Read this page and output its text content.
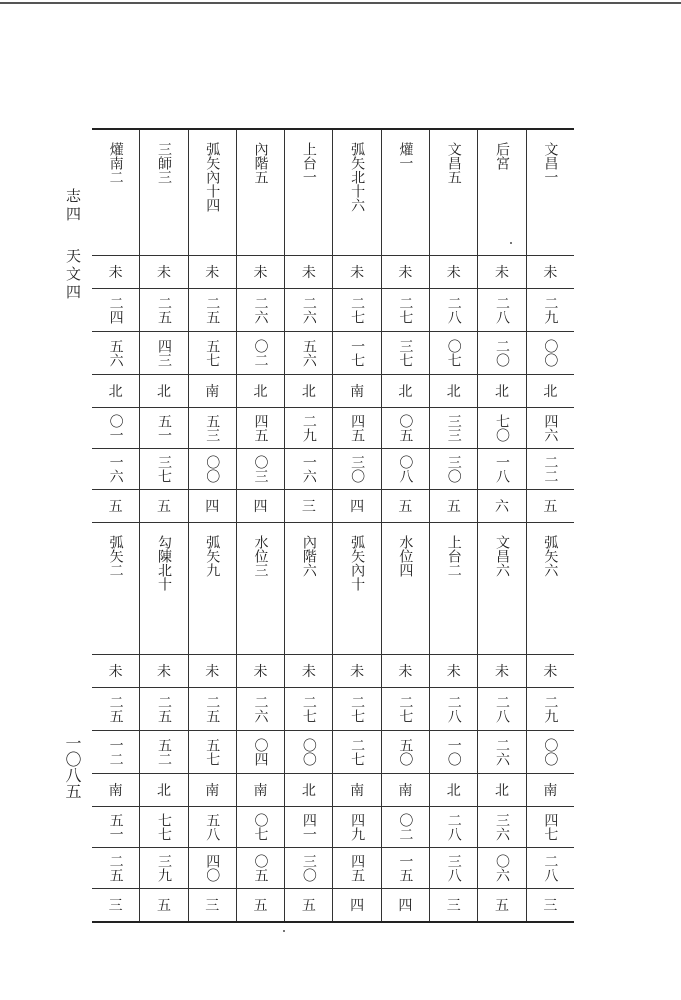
志四
天文四
一〇八五
爟南二
未
二四
五六
北
〇一
一六
五
弧矢二
未
二五
一二
南
五一
二五
三
三師三
未
二五
四三
北
五一
三七
五
勾陳北十
未
二五
五二
北
七七
三九
五
弧矢內十四
未
二五
五七
南
五三
〇〇
四
弧矢九
未
二五
五七
南
五八
四〇
三
內階五
未
二六
〇二
北
四五
〇三
四
水位三
未
二六
〇四
南
〇七
〇五
五
上台一
未
二六
五六
北
二九
一六
三
內階六
未
二七
〇〇
北
四一
三〇
五
弧矢北十六
未
二七
一七
南
四五
三〇
四
弧矢內十
未
二七
二七
南
四九
四五
四
爟一
未
二七
三七
北
〇五
〇八
五
水位四
未
二七
五〇
南
〇二
一五
四
文昌五
未
二八
〇七
北
三三
三〇
五
上台二
未
二八
一〇
北
二八
三八
三
后宮
未
二八
二〇
北
七〇
一八
六
文昌六
未
二八
二六
北
三六
〇六
五
文昌一
未
二九
〇〇
北
四六
二二
五
弧矢六
未
二九
〇〇
南
四七
二八
三
